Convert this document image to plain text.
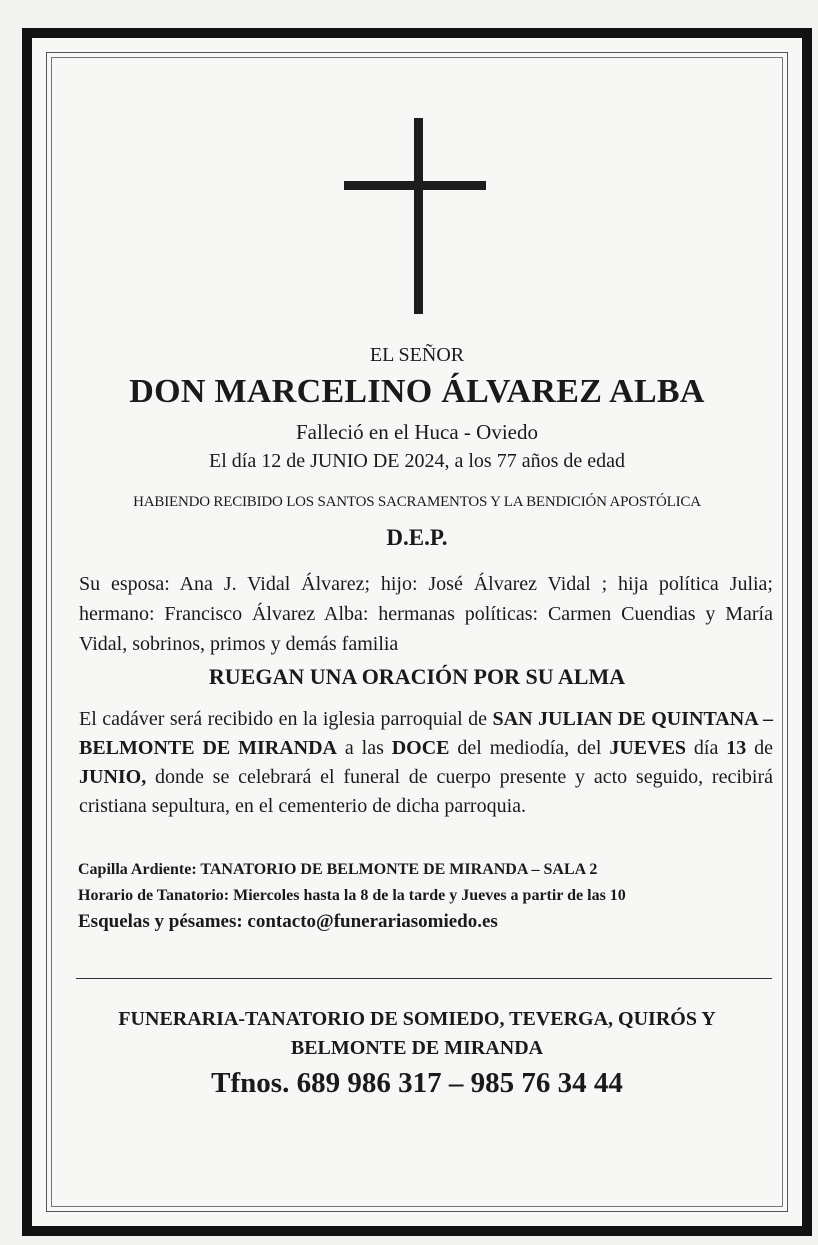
EL SEÑOR
DON MARCELINO ÁLVAREZ ALBA
Falleció en el Huca - Oviedo
El día 12 de JUNIO DE 2024, a los 77 años de edad
HABIENDO RECIBIDO LOS SANTOS SACRAMENTOS Y LA BENDICIÓN APOSTÓLICA
D.E.P.
Su esposa: Ana J. Vidal Álvarez; hijo: José Álvarez Vidal ; hija política Julia; hermano: Francisco Álvarez Alba: hermanas políticas: Carmen Cuendias y María Vidal, sobrinos, primos y demás familia
RUEGAN UNA ORACIÓN POR SU ALMA
El cadáver será recibido en la iglesia parroquial de SAN JULIAN DE QUINTANA – BELMONTE DE MIRANDA a las DOCE del mediodía, del JUEVES día 13 de JUNIO, donde se celebrará el funeral de cuerpo presente y acto seguido, recibirá cristiana sepultura, en el cementerio de dicha parroquia.
Capilla Ardiente: TANATORIO DE BELMONTE DE MIRANDA – SALA 2
Horario de Tanatorio: Miercoles hasta la 8 de la tarde y Jueves a partir de las 10
Esquelas y pésames: contacto@funerariasomiedo.es
FUNERARIA-TANATORIO DE SOMIEDO, TEVERGA, QUIRÓS Y
BELMONTE DE MIRANDA
Tfnos. 689 986 317 – 985 76 34 44
